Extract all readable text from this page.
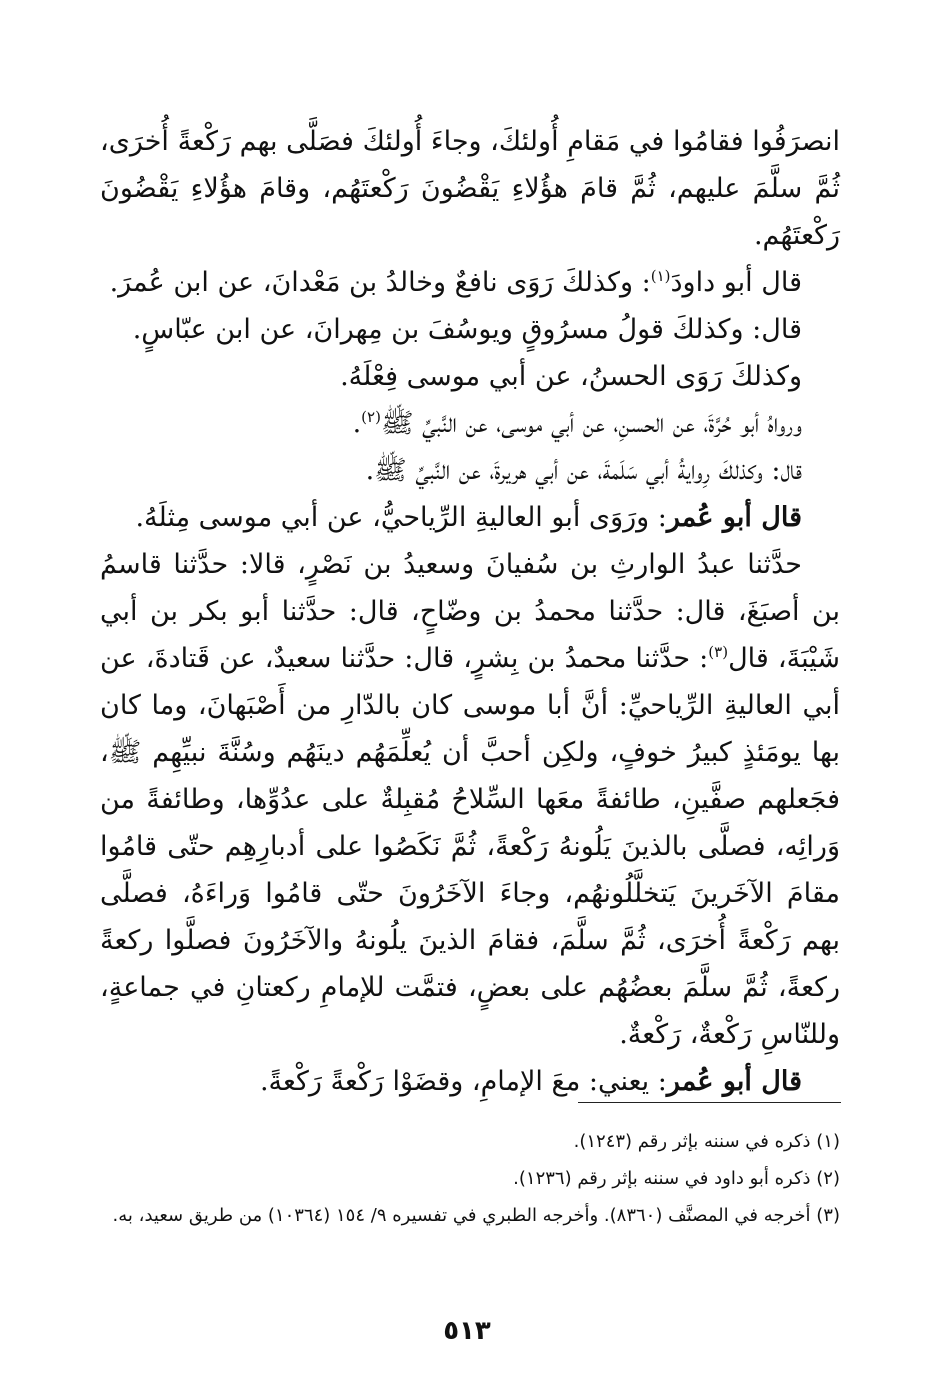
انصرَفُوا فقامُوا في مَقامِ أُولئكَ، وجاءَ أُولئكَ فصَلَّى بهم رَكْعةً أُخرَى، ثُمَّ سلَّمَ عليهم، ثُمَّ قامَ هؤُلاءِ يَقْضُونَ رَكْعتَهُم، وقامَ هؤُلاءِ يَقْضُونَ رَكْعتَهُم.

قال أبو داودَ$^{(١)}$: وكذلكَ رَوَى نافعٌ وخالدُ بن مَعْدانَ، عن ابن عُمرَ.

قال: وكذلكَ قولُ مسرُوقٍ ويوسُفَ بن مِهرانَ، عن ابن عبّاسٍ.

وكذلكَ رَوَى الحسنُ، عن أبي موسى فِعْلَهُ.

ورواهُ أبو حُرَّةَ، عن الحسنِ، عن أبي موسى، عن النَّبيِّ ﷺ$^{(٢)}$.

قال: وكذلكَ رِوايةُ أبي سَلَمةَ، عن أبي هريرةَ، عن النَّبيِّ ﷺ.

قال أبو عُمر: ورَوَى أبو العاليةِ الرِّياحيُّ، عن أبي موسى مِثلَهُ.

حدَّثنا عبدُ الوارثِ بن سُفيانَ وسعيدُ بن نَصْرٍ، قالا: حدَّثنا قاسمُ بن أصبَغَ، قال: حدَّثنا محمدُ بن وضّاحٍ، قال: حدَّثنا أبو بكر بن أبي شَيْبَةَ، قال$^{(٣)}$: حدَّثنا محمدُ بن بِشرٍ، قال: حدَّثنا سعيدٌ، عن قَتادةَ، عن أبي العاليةِ الرِّياحيِّ: أنَّ أبا موسى كان بالدّارِ من أَصْبَهانَ، وما كان بها يومَئذٍ كبيرُ خوفٍ، ولكِن أحبَّ أن يُعلِّمَهُم دينَهُم وسُنَّةَ نبيِّهِم ﷺ، فجَعلهم صفَّينِ، طائفةً معَها السِّلاحُ مُقبِلةٌ على عدُوِّها، وطائفةً من وَرائِه، فصلَّى بالذينَ يَلُونهُ رَكْعةً، ثُمَّ نَكَصُوا على أدبارِهِم حتّى قامُوا مقامَ الآخَرينَ يَتخلَّلُونهُم، وجاءَ الآخَرُونَ حتّى قامُوا وَراءَهُ، فصلَّى بهم رَكْعةً أُخرَى، ثُمَّ سلَّمَ، فقامَ الذينَ يلُونهُ والآخَرُونَ فصلَّوا ركعةً ركعةً، ثُمَّ سلَّمَ بعضُهُم على بعضٍ، فتمَّت للإمامِ ركعتانِ في جماعةٍ، وللنّاسِ رَكْعةٌ، رَكْعةٌ.

قال أبو عُمر: يعني: معَ الإمامِ، وقضَوْا رَكْعةً رَكْعةً.

(١) ذكره في سننه بإثر رقم (١٢٤٣).

(٢) ذكره أبو داود في سننه بإثر رقم (١٢٣٦).

(٣) أخرجه في المصنَّف (٨٣٦٠). وأخرجه الطبري في تفسيره ٩/ ١٥٤ (١٠٣٦٤) من طريق سعيد، به.

٥١٣
